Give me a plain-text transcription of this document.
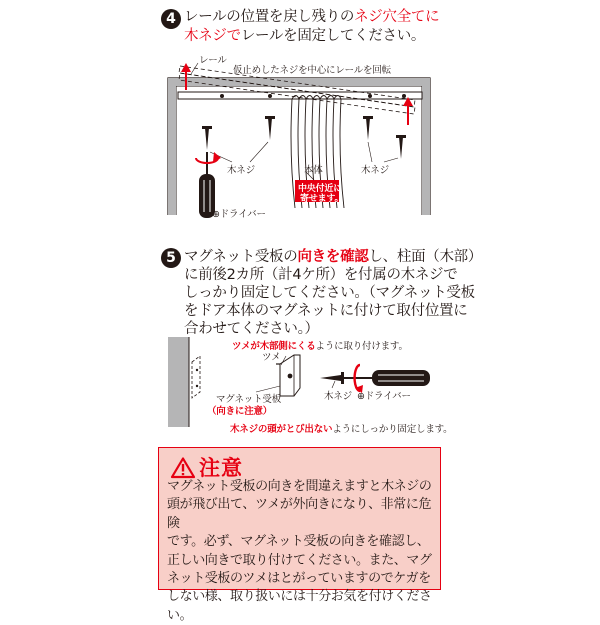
4 レールの位置を戻し残りのネジ穴全てに
木ネジでレールを固定してください。
レール
仮止めしたネジを中心にレールを回転
木ネジ	木ネジ
本体
中央付近に
寄せます。
⊕ドライバー
5 マグネット受板の向きを確認し、柱面（木部）
に前後2カ所（計4ケ所）を付属の木ネジで
しっかり固定してください。（マグネット受板
をドア本体のマグネットに付けて取付位置に
合わせてください。）
ツメが木部側にくるように取り付けます。
ツメ
マグネット受板
（向きに注意）
木ネジ ⊕ドライバー
木ネジの頭がとび出ないようにしっかり固定します。
注意
マグネット受板の向きを間違えますと木ネジの
頭が飛び出て、ツメが外向きになり、非常に危険
です。必ず、マグネット受板の向きを確認し、
正しい向きで取り付けてください。また、マグ
ネット受板のツメはとがっていますのでケガを
しない様、取り扱いには十分お気を付けください。
